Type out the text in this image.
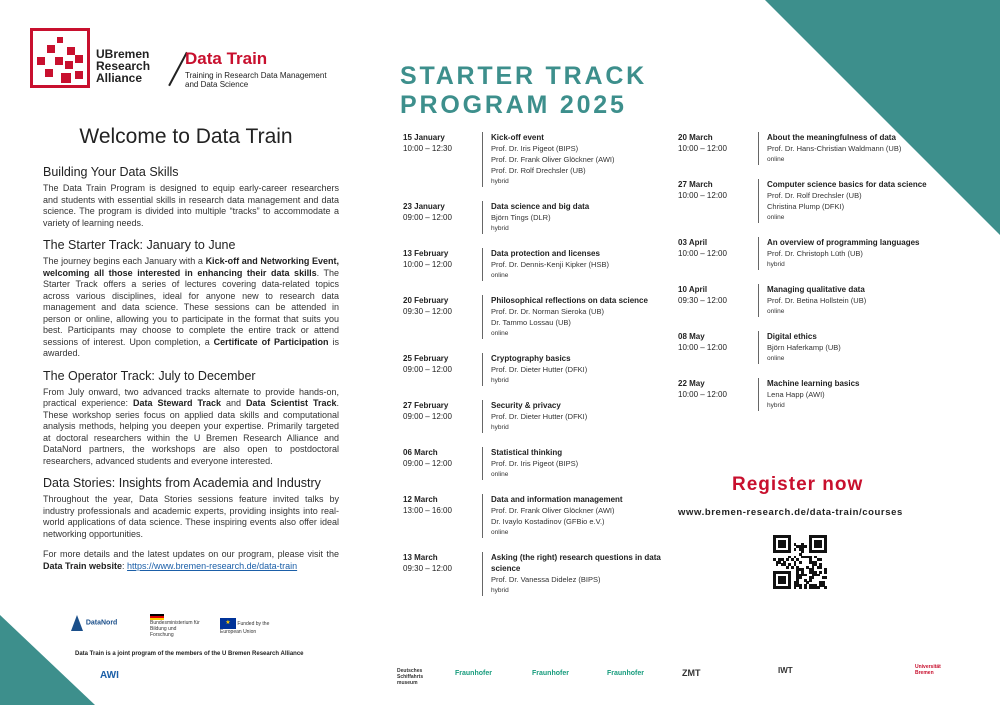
UBremen
Research
Alliance
Data Train
Training in Research Data Management
and Data Science
Welcome to Data Train
Building Your Data Skills
The Data Train Program is designed to equip early-career researchers and students with essential skills in research data management and data science. The program is divided into multiple “tracks” to accommodate a variety of learning needs.
The Starter Track: January to June
The journey begins each January with a Kick-off and Networking Event, welcoming all those interested in enhancing their data skills. The Starter Track offers a series of lectures covering data-related topics across various disciplines, ideal for anyone new to research data management and data science. These sessions can be attended in person or online, allowing you to participate in the format that suits you best. Participants may choose to complete the entire track or attend sessions of interest. Upon completion, a Certificate of Participation is awarded.
The Operator Track: July to December
From July onward, two advanced tracks alternate to provide hands-on, practical experience: Data Steward Track and Data Scientist Track. These workshop series focus on applied data skills and computational analysis methods, helping you deepen your expertise. Primarily targeted at doctoral researchers within the U Bremen Research Alliance and DataNord partners, the workshops are also open to postdoctoral researchers, advanced students and everyone interested.
Data Stories: Insights from Academia and Industry
Throughout the year, Data Stories sessions feature invited talks by industry professionals and academic experts, providing insights into real-world applications of data science. These inspiring events also offer ideal networking opportunities.
For more details and the latest updates on our program, please visit the Data Train website: https://www.bremen-research.de/data-train
STARTER TRACK
PROGRAM 2025
15 January
10:00 – 12:30
Kick-off event
Prof. Dr. Iris Pigeot (BIPS)
Prof. Dr. Frank Oliver Glöckner (AWI)
Prof. Dr. Rolf Drechsler (UB)
hybrid
23 January
09:00 – 12:00
Data science and big data
Björn Tings (DLR)
hybrid
13 February
10:00 – 12:00
Data protection and licenses
Prof. Dr. Dennis-Kenji Kipker (HSB)
online
20 February
09:30 – 12:00
Philosophical reflections on data science
Prof. Dr. Dr. Norman Sieroka (UB)
Dr. Tammo Lossau (UB)
online
25 February
09:00 – 12:00
Cryptography basics
Prof. Dr. Dieter Hutter (DFKI)
hybrid
27 February
09:00 – 12:00
Security & privacy
Prof. Dr. Dieter Hutter (DFKI)
hybrid
06 March
09:00 – 12:00
Statistical thinking
Prof. Dr. Iris Pigeot (BIPS)
online
12 March
13:00 – 16:00
Data and information management
Prof. Dr. Frank Oliver Glöckner (AWI)
Dr. Ivaylo Kostadinov (GFBio e.V.)
online
13 March
09:30 – 12:00
Asking (the right) research questions in data science
Prof. Dr. Vanessa Didelez (BIPS)
hybrid
20 March
10:00 – 12:00
About the meaningfulness of data
Prof. Dr. Hans-Christian Waldmann (UB)
online
27 March
10:00 – 12:00
Computer science basics for data science
Prof. Dr. Rolf Drechsler (UB)
Christina Plump (DFKI)
online
03 April
10:00 – 12:00
An overview of programming languages
Prof. Dr. Christoph Lüth (UB)
hybrid
10 April
09:30 – 12:00
Managing qualitative data
Prof. Dr. Betina Hollstein (UB)
online
08 May
10:00 – 12:00
Digital ethics
Björn Haferkamp (UB)
online
22 May
10:00 – 12:00
Machine learning basics
Lena Happ (AWI)
hybrid
Register now
www.bremen-research.de/data-train/courses
DataNord	Bundesministerium für Bildung und Forschung
★ Funded by the European Union
Data Train is a joint program of the members of the U Bremen Research Alliance
AWI	Deutsches Schiffahrts museum
Fraunhofer	Fraunhofer	Fraunhofer	ZMT	IWT	Universität Bremen
